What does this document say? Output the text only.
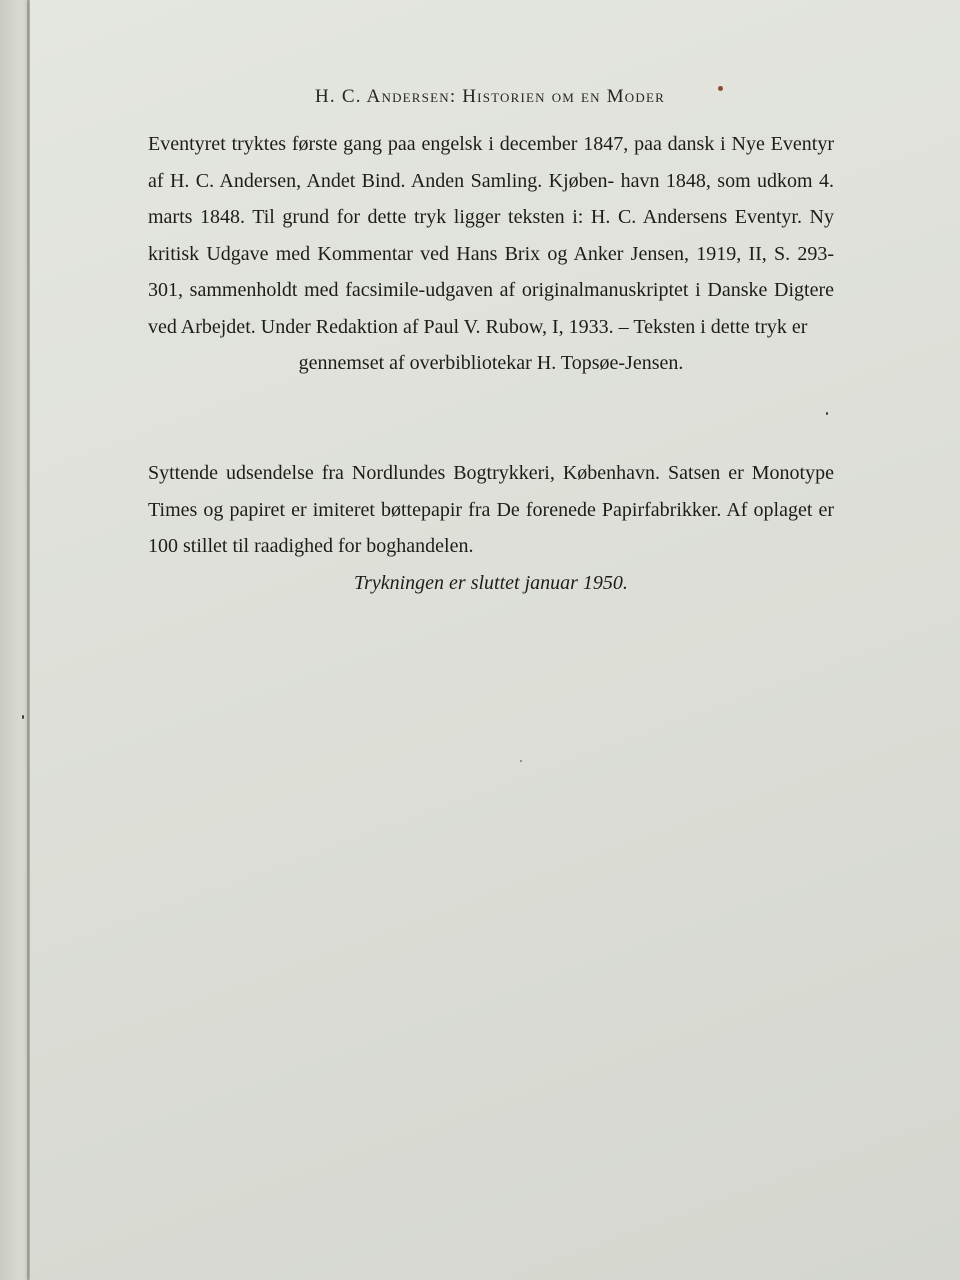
H. C. Andersen: Historien om en Moder

Eventyret tryktes første gang paa engelsk i december 1847, paa dansk i Nye Eventyr af H. C. Andersen, Andet Bind. Anden Samling. Kjøben- havn 1848, som udkom 4. marts 1848. Til grund for dette tryk ligger teksten i: H. C. Andersens Eventyr. Ny kritisk Udgave med Kommentar ved Hans Brix og Anker Jensen, 1919, II, S. 293-301, sammenholdt med facsimile-udgaven af originalmanuskriptet i Danske Digtere ved Arbejdet. Under Redaktion af Paul V. Rubow, I, 1933. – Teksten i dette tryk er
gennemset af overbibliotekar H. Topsøe-Jensen.

Syttende udsendelse fra Nordlundes Bogtrykkeri, København. Satsen er Monotype Times og papiret er imiteret bøttepapir fra De forenede Papirfabrikker. Af oplaget er 100 stillet til raadighed for boghandelen.

Trykningen er sluttet januar 1950.
